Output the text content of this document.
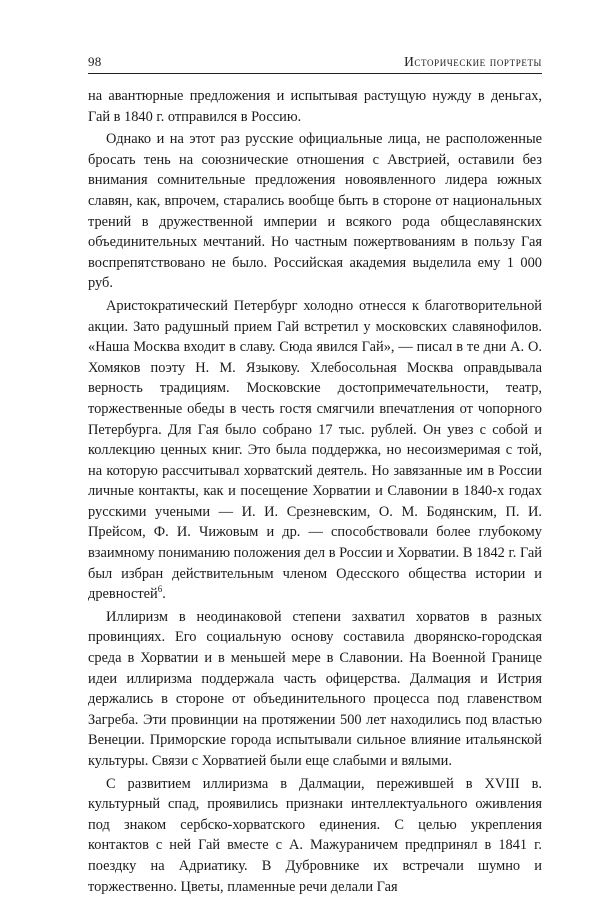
98	Исторические портреты

на авантюрные предложения и испытывая растущую нужду в деньгах, Гай в 1840 г. отправился в Россию.

Однако и на этот раз русские официальные лица, не расположенные бросать тень на союзнические отношения с Австрией, оставили без внимания сомнительные предложения новоявленного лидера южных славян, как, впрочем, старались вообще быть в стороне от национальных трений в дружественной империи и всякого рода общеславянских объединительных мечтаний. Но частным пожертвованиям в пользу Гая воспрепятствовано не было. Российская академия выделила ему 1 000 руб.

Аристократический Петербург холодно отнесся к благотворительной акции. Зато радушный прием Гай встретил у московских славянофилов. «Наша Москва входит в славу. Сюда явился Гай», — писал в те дни А. О. Хомяков поэту Н. М. Языкову. Хлебосольная Москва оправдывала верность традициям. Московские достопримечательности, театр, торжественные обеды в честь гостя смягчили впечатления от чопорного Петербурга. Для Гая было собрано 17 тыс. рублей. Он увез с собой и коллекцию ценных книг. Это была поддержка, но несоизмеримая с той, на которую рассчитывал хорватский деятель. Но завязанные им в России личные контакты, как и посещение Хорватии и Славонии в 1840-х годах русскими учеными — И. И. Срезневским, О. М. Бодянским, П. И. Прейсом, Ф. И. Чижовым и др. — способствовали более глубокому взаимному пониманию положения дел в России и Хорватии. В 1842 г. Гай был избран действительным членом Одесского общества истории и древностей$^6$.

Иллиризм в неодинаковой степени захватил хорватов в разных провинциях. Его социальную основу составила дворянско-городская среда в Хорватии и в меньшей мере в Славонии. На Военной Границе идеи иллиризма поддержала часть офицерства. Далмация и Истрия держались в стороне от объединительного процесса под главенством Загреба. Эти провинции на протяжении 500 лет находились под властью Венеции. Приморские города испытывали сильное влияние итальянской культуры. Связи с Хорватией были еще слабыми и вялыми.

С развитием иллиризма в Далмации, пережившей в XVIII в. культурный спад, проявились признаки интеллектуального оживления под знаком сербско-хорватского единения. С целью укрепления контактов с ней Гай вместе с А. Мажураничем предпринял в 1841 г. поездку на Адриатику. В Дубровнике их встречали шумно и торжественно. Цветы, пламенные речи делали Гая
